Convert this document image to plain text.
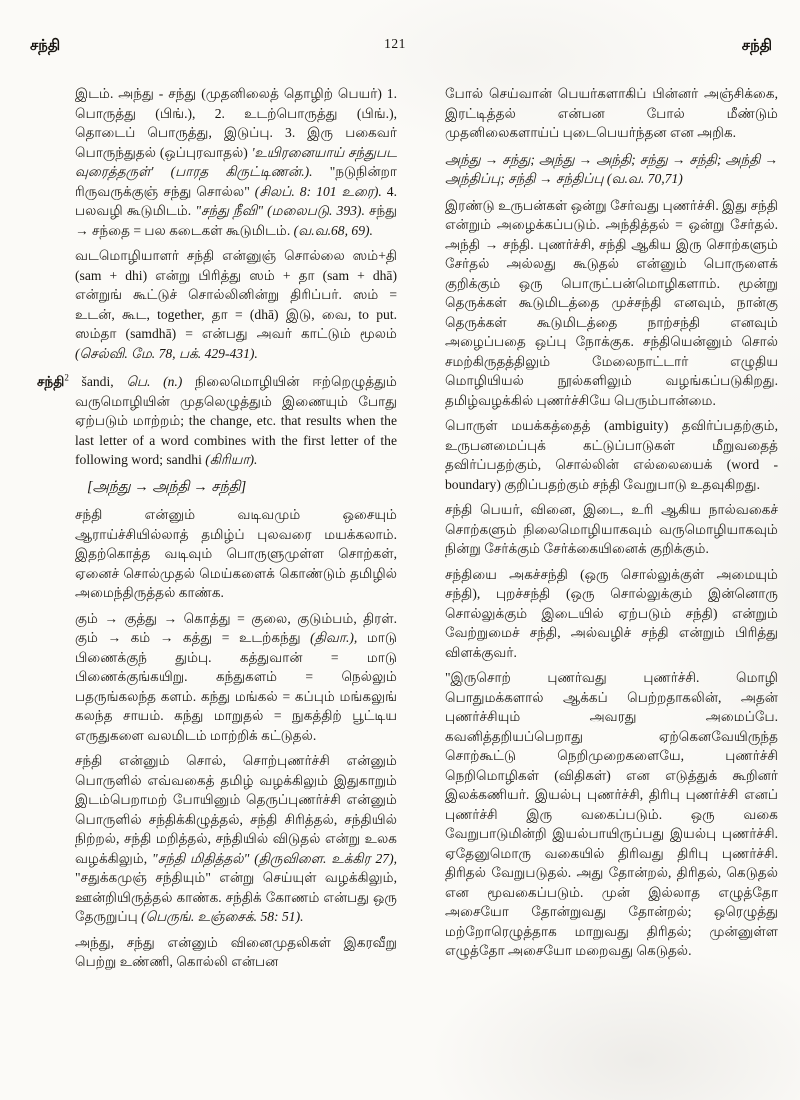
சந்தி	121	சந்தி

இடம். அந்து - சந்து (முதனிலைத் தொழிற் பெயர்) 1. பொருத்து (பிங்.), 2. உடற்பொருத்து (பிங்.), தொடைப் பொருத்து, இடுப்பு. 3. இரு பகைவர் பொருந்துதல் (ஒப்புரவாதல்) 'உயிரனையாய் சந்துபட வுரைத்தருள்' (பாரத கிருட்டிணன்.). "நடுநின்றா ரிருவருக்குஞ் சந்து சொல்ல" (சிலப். 8: 101 உரை). 4. பலவழி கூடுமிடம். "சந்து நீவி" (மலைபடு. 393). சந்து → சந்தை = பல கடைகள் கூடுமிடம். (வ.வ.68, 69).

வடமொழியாளர் சந்தி என்னுஞ் சொல்லை ஸம்+தி (sam + dhi) என்று பிரித்து ஸம் + தா (sam + dhā) என்றுங் கூட்டுச் சொல்லினின்று திரிப்பர். ஸம் = உடன், கூட, together, தா = (dhā) இடு, வை, to put. ஸம்தா (samdhā) = என்பது அவர் காட்டும் மூலம் (செல்வி. மே. 78, பக். 429-431).

சந்தி$^2$ šandi, பெ. (n.) நிலைமொழியின் ஈற்றெழுத்தும் வருமொழியின் முதலெழுத்தும் இணையும் போது ஏற்படும் மாற்றம்; the change, etc. that results when the last letter of a word combines with the first letter of the following word; sandhi (கிரியா).

[அந்து → அந்தி → சந்தி]

சந்தி என்னும் வடிவமும் ஒசையும் ஆராய்ச்சியில்லாத் தமிழ்ப் புலவரை மயக்கலாம். இதற்கொத்த வடிவும் பொருளுமுள்ள சொற்கள், ஏனைச் சொல்முதல் மெய்களைக் கொண்டும் தமிழில் அமைந்திருத்தல் காண்க.

கும் → குத்து → கொத்து = குலை, குடும்பம், திரள். கும் → கம் → கத்து = உடற்கந்து (திவா.), மாடு பிணைக்குந் தும்பு. கத்துவான் = மாடு பிணைக்குங்கயிறு. கந்துகளம் = நெல்லும் பதருங்கலந்த களம். கந்து மங்கல் = கப்பும் மங்கலுங் கலந்த சாயம். கந்து மாறுதல் = நுகத்திற் பூட்டிய எருதுகளை வலமிடம் மாற்றிக் கட்டுதல்.

சந்தி என்னும் சொல், சொற்புணர்ச்சி என்னும் பொருளில் எவ்வகைத் தமிழ் வழக்கிலும் இதுகாறும் இடம்பெறாமற் போயினும் தெருப்புணர்ச்சி என்னும் பொருளில் சந்திக்கிழுத்தல், சந்தி சிரித்தல், சந்தியில் நிற்றல், சந்தி மறித்தல், சந்தியில் விடுதல் என்று உலக வழக்கிலும், "சந்தி மிதித்தல்" (திருவிளை. உக்கிர 27), "சதுக்கமுஞ் சந்தியும்" என்று செய்யுள் வழக்கிலும், ஊன்றியிருத்தல் காண்க. சந்திக் கோணம் என்பது ஒரு தேருறுப்பு (பெருங். உஞ்சைக். 58: 51).

அந்து, சந்து என்னும் வினைமுதலிகள் இகரவீறு பெற்று உண்ணி, கொல்லி என்பன

போல் செய்வான் பெயர்களாகிப் பின்னர் அஞ்சிக்கை, இரட்டித்தல் என்பன போல் மீண்டும் முதனிலைகளாய்ப் புடைபெயர்ந்தன என அறிக.

அந்து → சந்து; அந்து → அந்தி; சந்து → சந்தி; அந்தி → அந்திப்பு; சந்தி → சந்திப்பு (வ.வ. 70,71)

இரண்டு உருபன்கள் ஒன்று சேர்வது புணர்ச்சி. இது சந்தி என்றும் அழைக்கப்படும். அந்தித்தல் = ஒன்று சேர்தல். அந்தி → சந்தி. புணர்ச்சி, சந்தி ஆகிய இரு சொற்களும் சேர்தல் அல்லது கூடுதல் என்னும் பொருளைக் குறிக்கும் ஒரு பொருட்பன்மொழிகளாம். மூன்று தெருக்கள் கூடுமிடத்தை முச்சந்தி எனவும், நான்கு தெருக்கள் கூடுமிடத்தை நாற்சந்தி எனவும் அழைப்பதை ஒப்பு நோக்குக. சந்தியென்னும் சொல் சமற்கிருதத்திலும் மேலைநாட்டார் எழுதிய மொழியியல் நூல்களிலும் வழங்கப்படுகிறது. தமிழ்வழக்கில் புணர்ச்சியே பெரும்பான்மை.

பொருள் மயக்கத்தைத் (ambiguity) தவிர்ப்பதற்கும், உருபனமைப்புக் கட்டுப்பாடுகள் மீறுவதைத் தவிர்ப்பதற்கும், சொல்லின் எல்லையைக் (word - boundary) குறிப்பதற்கும் சந்தி வேறுபாடு உதவுகிறது.

சந்தி பெயர், வினை, இடை, உரி ஆகிய நால்வகைச் சொற்களும் நிலைமொழியாகவும் வருமொழியாகவும் நின்று சேர்க்கும் சேர்க்கையினைக் குறிக்கும்.

சந்தியை அகச்சந்தி (ஒரு சொல்லுக்குள் அமையும் சந்தி), புறச்சந்தி (ஒரு சொல்லுக்கும் இன்னொரு சொல்லுக்கும் இடையில் ஏற்படும் சந்தி) என்றும் வேற்றுமைச் சந்தி, அல்வழிச் சந்தி என்றும் பிரித்து விளக்குவர்.

"இருசொற் புணர்வது புணர்ச்சி. மொழி பொதுமக்களால் ஆக்கப் பெற்றதாகலின், அதன் புணர்ச்சியும் அவரது அமைப்பே. கவனித்தறியப்பெறாது ஏற்கெனவேயிருந்த சொற்கூட்டு நெறிமுறைகளையே, புணர்ச்சி நெறிமொழிகள் (விதிகள்) என எடுத்துக் கூறினர் இலக்கணியர். இயல்பு புணர்ச்சி, திரிபு புணர்ச்சி எனப் புணர்ச்சி இரு வகைப்படும். ஒரு வகை வேறுபாடுமின்றி இயல்பாயிருப்பது இயல்பு புணர்ச்சி. ஏதேனுமொரு வகையில் திரிவது திரிபு புணர்ச்சி. திரிதல் வேறுபடுதல். அது தோன்றல், திரிதல், கெடுதல் என மூவகைப்படும். முன் இல்லாத எழுத்தோ அசையோ தோன்றுவது தோன்றல்; ஒரெழுத்து மற்றோரெழுத்தாக மாறுவது திரிதல்; முன்னுள்ள எழுத்தோ அசையோ மறைவது கெடுதல்.
